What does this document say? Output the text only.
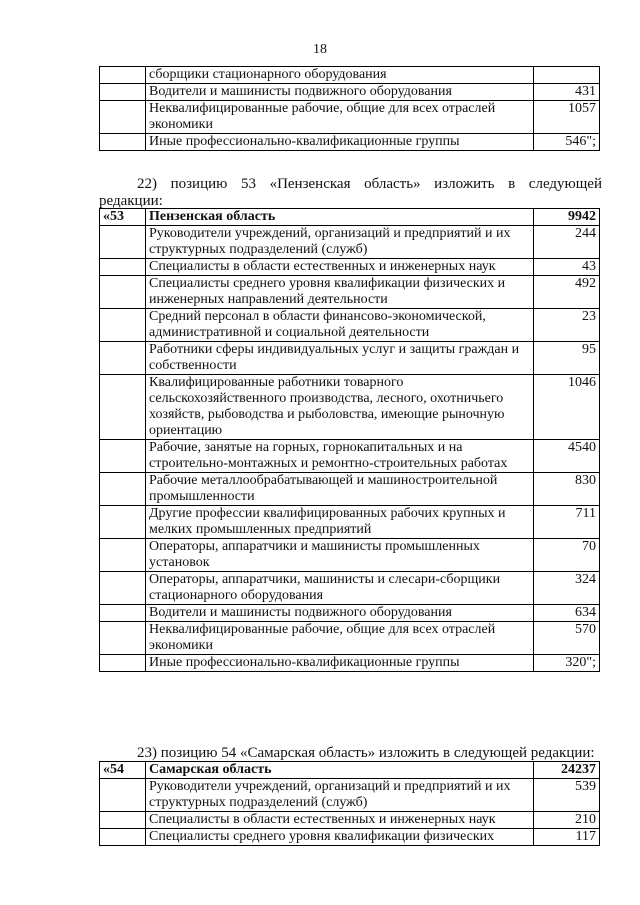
18
	сборщики стационарного оборудования	
	Водители и машинисты подвижного оборудования	431
	Неквалифицированные рабочие, общие для всех отраслей экономики	1057
	Иные профессионально-квалификационные группы	546";
22) позицию 53 «Пензенская область» изложить в следующей
редакции:
«53	Пензенская область	9942
	Руководители учреждений, организаций и предприятий и их структурных подразделений (служб)	244
	Специалисты в области естественных и инженерных наук	43
	Специалисты среднего уровня квалификации физических и инженерных направлений деятельности	492
	Средний персонал в области финансово-экономической, административной и социальной деятельности	23
	Работники сферы индивидуальных услуг и защиты граждан и собственности	95
	Квалифицированные работники товарного сельскохозяйственного производства, лесного, охотничьего хозяйств, рыбоводства и рыболовства, имеющие рыночную ориентацию	1046
	Рабочие, занятые на горных, горнокапитальных и на строительно-монтажных и ремонтно-строительных работах	4540
	Рабочие металлообрабатывающей и машиностроительной промышленности	830
	Другие профессии квалифицированных рабочих крупных и мелких промышленных предприятий	711
	Операторы, аппаратчики и машинисты промышленных установок	70
	Операторы, аппаратчики, машинисты и слесари-сборщики стационарного оборудования	324
	Водители и машинисты подвижного оборудования	634
	Неквалифицированные рабочие, общие для всех отраслей экономики	570
	Иные профессионально-квалификационные группы	320";
23) позицию 54 «Самарская область» изложить в следующей редакции:
«54	Самарская область	24237
	Руководители учреждений, организаций и предприятий и их структурных подразделений (служб)	539
	Специалисты в области естественных и инженерных наук	210
	Специалисты среднего уровня квалификации физических	117
